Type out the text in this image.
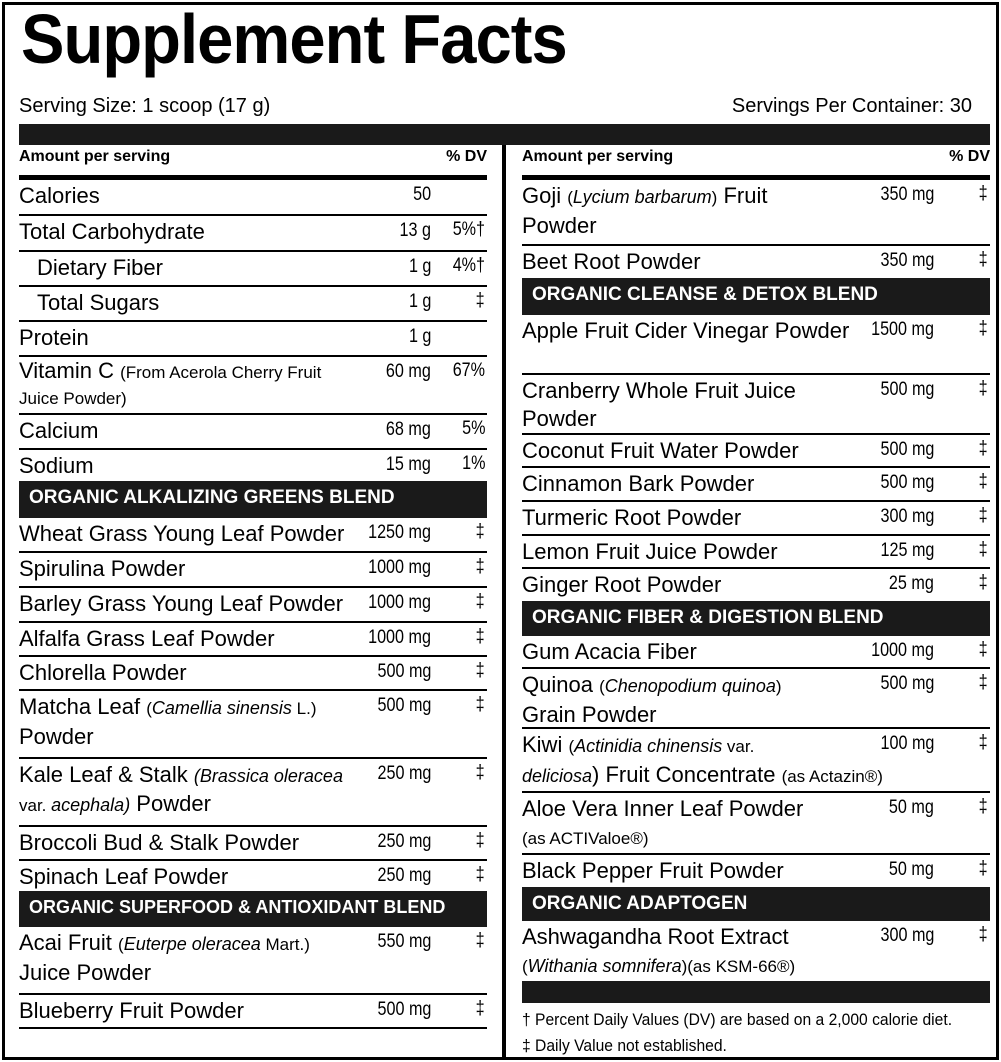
Supplement Facts
Serving Size: 1 scoop (17 g)	Servings Per Container: 30
Amount per serving	% DV
Calories	50
Total Carbohydrate	13 g 5%†
Dietary Fiber	1 g 4%†
Total Sugars	1 g ‡
Protein	1 g
Vitamin C (From Acerola Cherry Fruit Juice Powder)
60 mg 67%
Calcium	68 mg 5%
Sodium	15 mg 1%
ORGANIC ALKALIZING GREENS BLEND
Wheat Grass Young Leaf Powder 1250 mg ‡
Spirulina Powder	1000 mg ‡
Barley Grass Young Leaf Powder 1000 mg ‡
Alfalfa Grass Leaf Powder	1000 mg ‡
Chlorella Powder	500 mg ‡
Matcha Leaf (Camellia sinensis L.)
Powder
500 mg ‡
Kale Leaf & Stalk (Brassica oleracea
var. acephala) Powder
250 mg ‡
Broccoli Bud & Stalk Powder	250 mg ‡
Spinach Leaf Powder	250 mg ‡
ORGANIC SUPERFOOD & ANTIOXIDANT BLEND
Acai Fruit (Euterpe oleracea Mart.)
Juice Powder
550 mg ‡
Blueberry Fruit Powder	500 mg ‡
Amount per serving	% DV
Goji (Lycium barbarum) Fruit
Powder
350 mg ‡
Beet Root Powder	350 mg ‡
ORGANIC CLEANSE & DETOX BLEND
Apple Fruit Cider Vinegar Powder	1500 mg ‡
Cranberry Whole Fruit Juice Powder
500 mg ‡
Coconut Fruit Water Powder	500 mg ‡
Cinnamon Bark Powder	500 mg ‡
Turmeric Root Powder	300 mg ‡
Lemon Fruit Juice Powder	125 mg ‡
Ginger Root Powder	25 mg ‡
ORGANIC FIBER & DIGESTION BLEND
Gum Acacia Fiber	1000 mg ‡
Quinoa (Chenopodium quinoa)
Grain Powder
500 mg ‡
Kiwi (Actinidia chinensis var.
deliciosa) Fruit Concentrate (as Actazin®)
100 mg ‡
Aloe Vera Inner Leaf Powder
(as ACTIValoe®)
50 mg ‡
Black Pepper Fruit Powder	50 mg ‡
ORGANIC ADAPTOGEN
Ashwagandha Root Extract
(Withania somnifera)(as KSM-66®)
300 mg ‡
† Percent Daily Values (DV) are based on a 2,000 calorie diet.
‡ Daily Value not established.
